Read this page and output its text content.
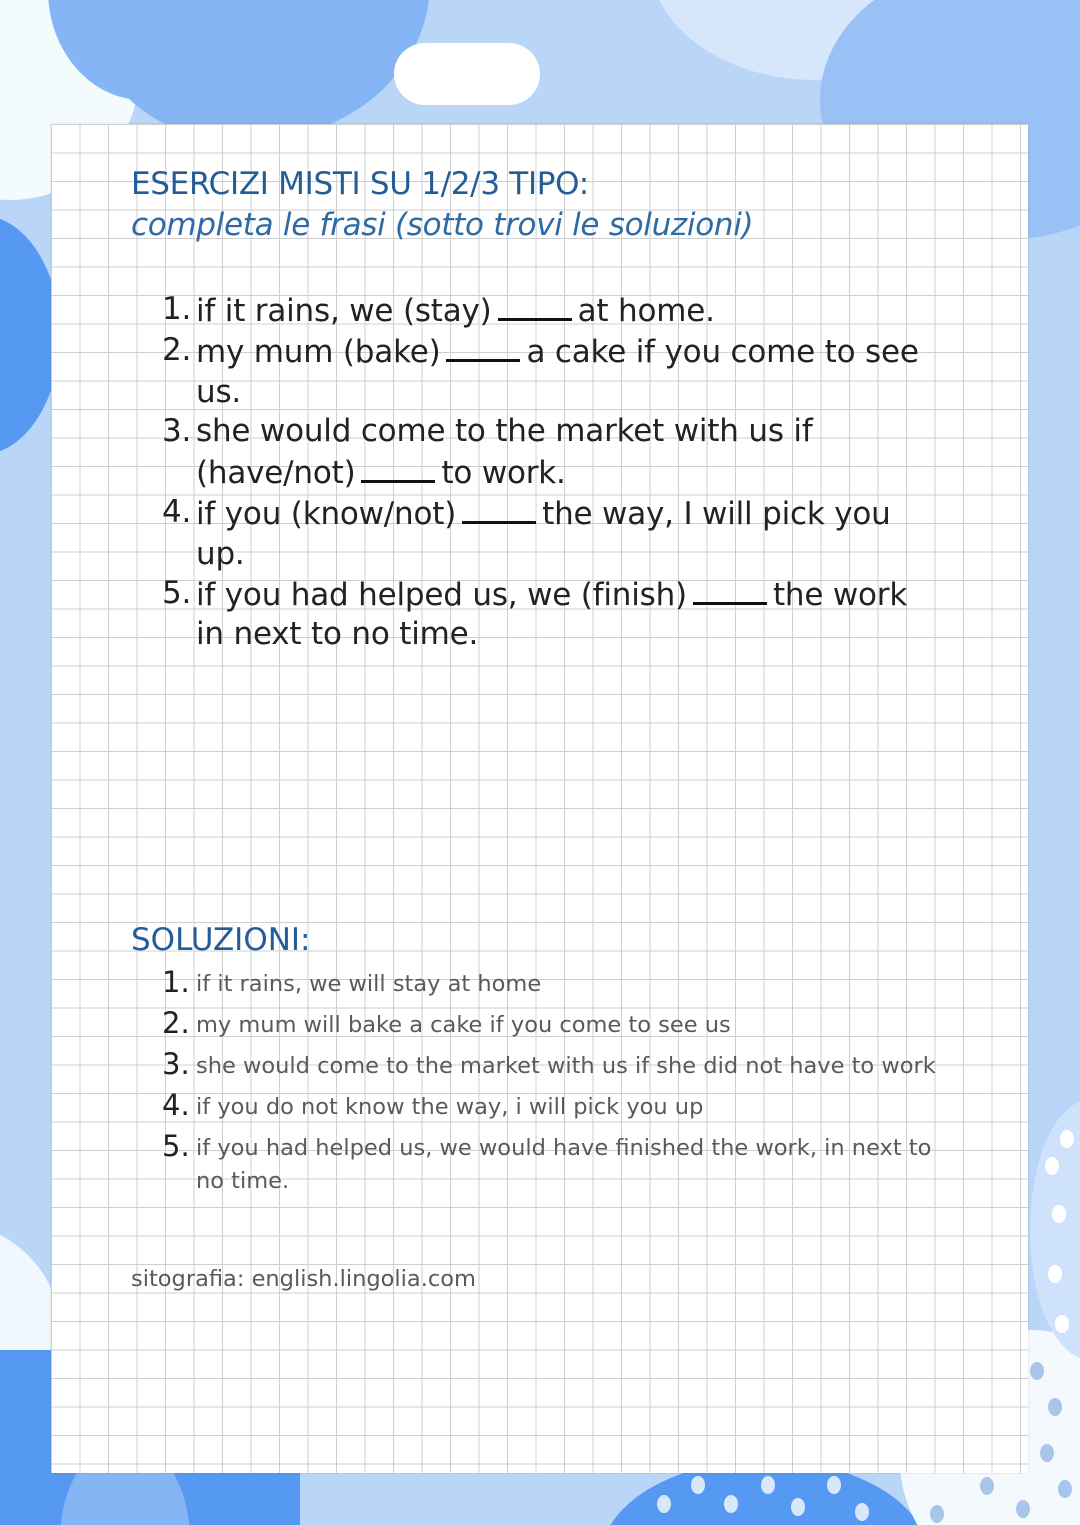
ESERCIZI MISTI SU 1/2/3 TIPO:
completa le frasi (sotto trovi le soluzioni)
1. if it rains, we (stay)	at home.
2. my mum (bake)	a cake if you come to see us.
3. she would come to the market with us if (have/not)	to work.
4. if you (know/not)	the way, I will pick you up.
5. if you had helped us, we (finish)	the work in next to no time.
SOLUZIONI:
1. if it rains, we will stay at home
2. my mum will bake a cake if you come to see us
3. she would come to the market with us if she did not have to work
4. if you do not know the way, i will pick you up
5. if you had helped us, we would have finished the work, in next to no time.
sitografia: english.lingolia.com
